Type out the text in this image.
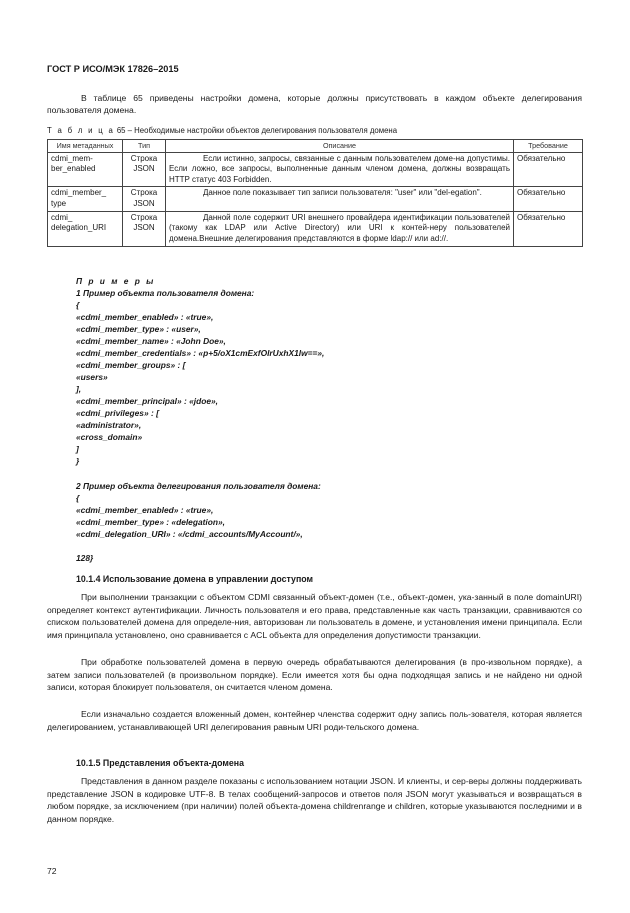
ГОСТ Р ИСО/МЭК 17826–2015

В таблице 65 приведены настройки домена, которые должны присутствовать в каждом объекте делегирования пользователя домена.

Т а б л и ц а 65 – Необходимые настройки объектов делегирования пользователя домена
Имя метаданных	Тип	Описание	Требование
cdmi_mem-ber_enabled	Строка JSON	Если истинно, запросы, связанные с данным пользователем доме-на допустимы. Если ложно, все запросы, выполненные данным членом домена, должны возвращать HTTP статус 403 Forbidden.	Обязательно
cdmi_member_ type	Строка JSON	Данное поле показывает тип записи пользователя: "user" или "del-egation".	Обязательно
cdmi_ delegation_URI	Строка JSON	Данной поле содержит URI внешнего провайдера идентификации пользователей (такому как LDAP или Active Directory) или URI к контей-неру пользователей домена.Внешние делегирования представляются в форме ldap:// или ad://.	Обязательно
П р и м е р ы
1 Пример объекта пользователя домена:
{
«cdmi_member_enabled» : «true»,
«cdmi_member_type» : «user»,
«cdmi_member_name» : «John Doe»,
«cdmi_member_credentials» : «p+5/oX1cmExfOIrUxhX1lw==»,
«cdmi_member_groups» : [
«users»
],
«cdmi_member_principal» : «jdoe»,
«cdmi_privileges» : [
«administrator»,
«cross_domain»
]
}
2 Пример объекта делегирования пользователя домена:
{
«cdmi_member_enabled» : «true»,
«cdmi_member_type» : «delegation»,
«cdmi_delegation_URI» : «/cdmi_accounts/MyAccount/»,
128}
10.1.4 Использование домена в управлении доступом

При выполнении транзакции с объектом CDMI связанный объект-домен (т.е., объект-домен, ука-занный в поле domainURI) определяет контекст аутентификации. Личность пользователя и его права, представленные как часть транзакции, сравниваются со списком пользователей домена для определе-ния, авторизован ли пользователь в домене, и установления имени принципала. Если имя принципала установлено, оно сравнивается с ACL объекта для определения допустимости транзакции.

При обработке пользователей домена в первую очередь обрабатываются делегирования (в про-извольном порядке), а затем записи пользователей (в произвольном порядке). Если имеется хотя бы одна подходящая запись и не найдено ни одной записи, которая блокирует пользователя, он считается членом домена.

Если изначально создается вложенный домен, контейнер членства содержит одну запись поль-зователя, которая является делегированием, устанавливающей URI делегирования равным URI роди-тельского домена.

10.1.5 Представления объекта-домена

Представления в данном разделе показаны с использованием нотации JSON. И клиенты, и сер-веры должны поддерживать представление JSON в кодировке UTF-8. В телах сообщений-запросов и ответов поля JSON могут указываться и возвращаться в любом порядке, за исключением (при наличии) полей объекта-домена childrenrange и children, которые указываются последними и в данном порядке.

72
